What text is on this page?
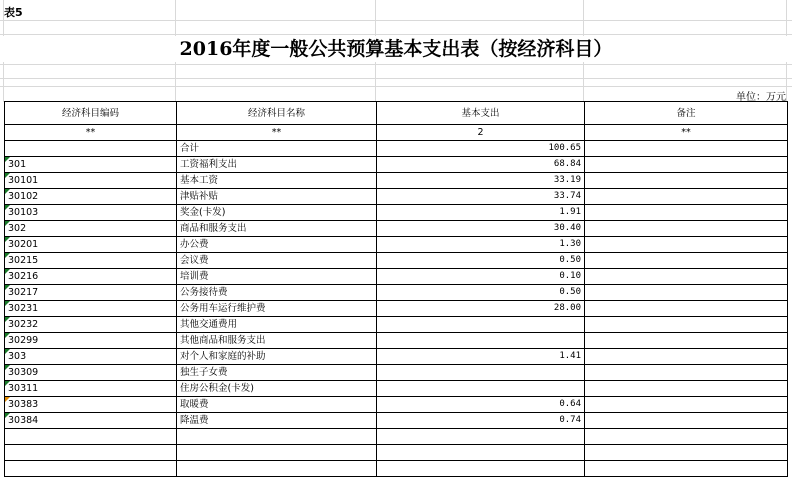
表5
2016年度一般公共预算基本支出表（按经济科目）
单位：万元
经济科目编码	经济科目名称	基本支出	备注
**	**	2	**
	合计	100.65	

301	工资福利支出	68.84	

30101	基本工资	33.19	

30102	津贴补贴	33.74	

30103	奖金(卡发)	1.91	

302	商品和服务支出	30.40	

30201	办公费	1.30	

30215	会议费	0.50	

30216	培训费	0.10	

30217	公务接待费	0.50	

30231	公务用车运行维护费	28.00	

30232	其他交通费用		

30299	其他商品和服务支出		

303	对个人和家庭的补助	1.41	

30309	独生子女费		

30311	住房公积金(卡发)		

30383	取暖费	0.64	

30384	降温费	0.74	
